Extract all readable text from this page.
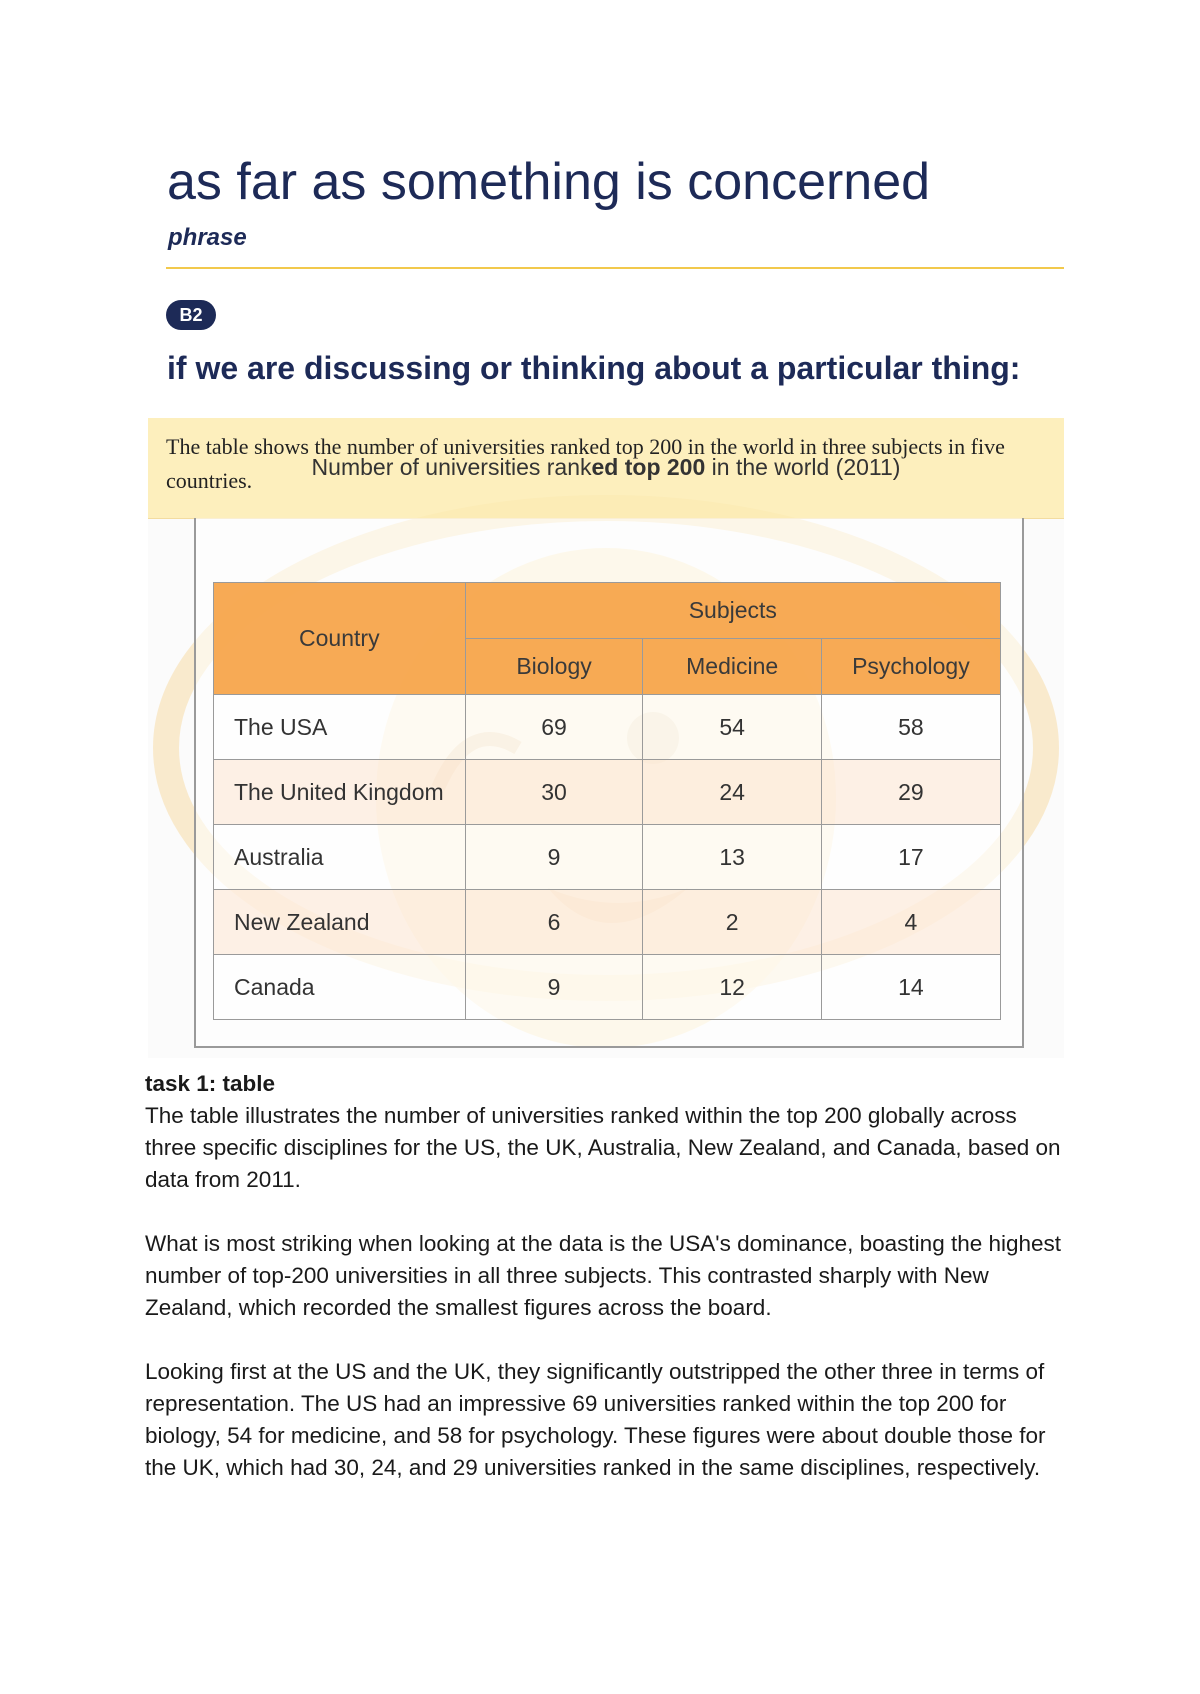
as far as something is concerned
phrase
B2
if we are discussing or thinking about a particular thing:
The table shows the number of universities ranked top 200 in the world in three subjects in five countries.
Number of universities ranked top 200 in the world (2011)
Country	Subjects		
	Biology	Medicine	Psychology
The USA	69	54	58
The United Kingdom	30	24	29
Australia	9	13	17
New Zealand	6	2	4
Canada	9	12	14
task 1: table

The table illustrates the number of universities ranked within the top 200 globally across three specific disciplines for the US, the UK, Australia, New Zealand, and Canada, based on data from 2011.

What is most striking when looking at the data is the USA's dominance, boasting the highest number of top-200 universities in all three subjects. This contrasted sharply with New Zealand, which recorded the smallest figures across the board.

Looking first at the US and the UK, they significantly outstripped the other three in terms of representation. The US had an impressive 69 universities ranked within the top 200 for biology, 54 for medicine, and 58 for psychology. These figures were about double those for the UK, which had 30, 24, and 29 universities ranked in the same disciplines, respectively.
